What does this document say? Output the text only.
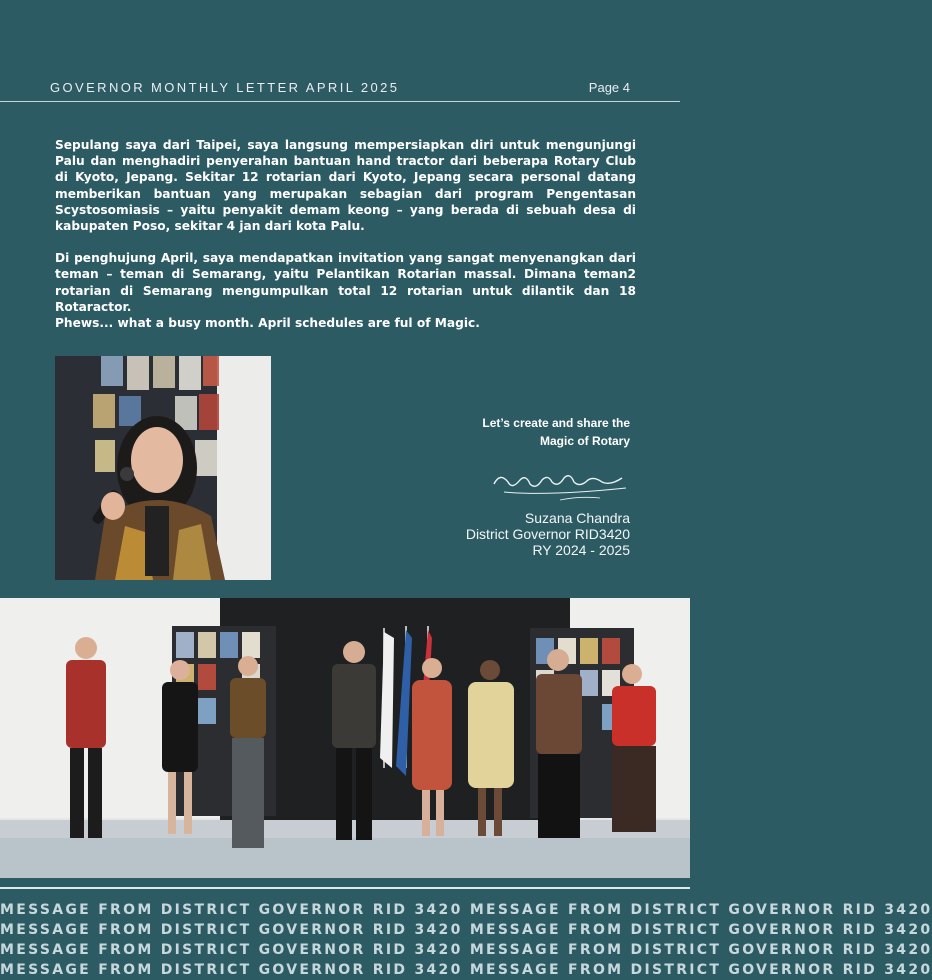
GOVERNOR MONTHLY LETTER APRIL 2025	Page 4

Sepulang saya dari Taipei, saya langsung mempersiapkan diri untuk mengunjungi Palu dan menghadiri penyerahan bantuan hand tractor dari beberapa Rotary Club di Kyoto, Jepang. Sekitar 12 rotarian dari Kyoto, Jepang secara personal datang memberikan bantuan yang merupakan sebagian dari program Pengentasan Scystosomiasis – yaitu penyakit demam keong – yang berada di sebuah desa di kabupaten Poso, sekitar 4 jan dari kota Palu.

Di penghujung April, saya mendapatkan invitation yang sangat menyenangkan dari teman – teman di Semarang, yaitu Pelantikan Rotarian massal. Dimana teman2 rotarian di Semarang mengumpulkan total 12 rotarian untuk dilantik dan 18 Rotaractor.

Phews... what a busy month. April schedules are ful of Magic.

Let’s create and share the
Magic of Rotary
Suzana Chandra
District Governor RID3420
RY 2024 - 2025
MESSAGE FROM DISTRICT GOVERNOR RID 3420 MESSAGE FROM DISTRICT GOVERNOR RID 3420
MESSAGE FROM DISTRICT GOVERNOR RID 3420 MESSAGE FROM DISTRICT GOVERNOR RID 3420
MESSAGE FROM DISTRICT GOVERNOR RID 3420 MESSAGE FROM DISTRICT GOVERNOR RID 3420
MESSAGE FROM DISTRICT GOVERNOR RID 3420 MESSAGE FROM DISTRICT GOVERNOR RID 3420
